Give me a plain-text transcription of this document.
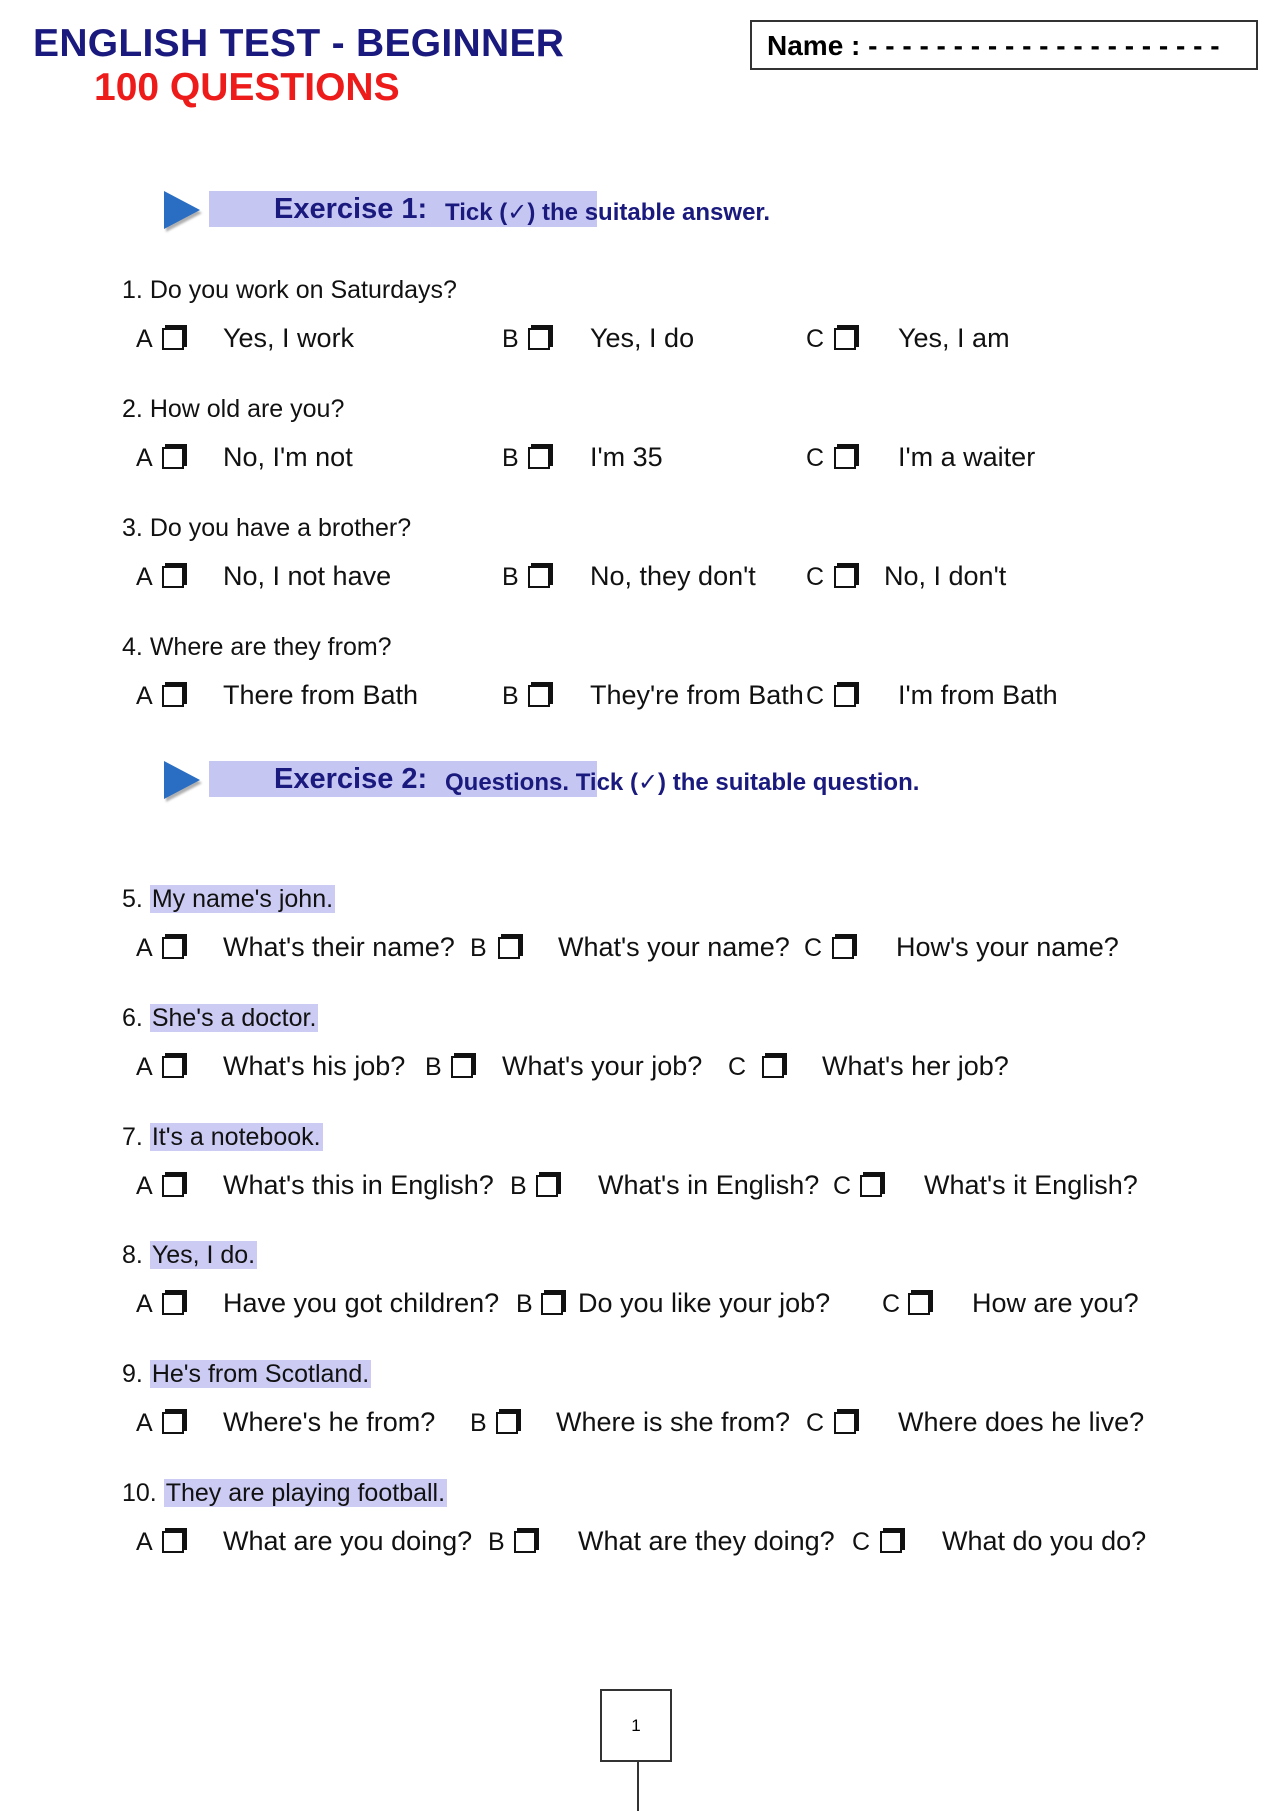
ENGLISH TEST - BEGINNER
100 QUESTIONS
Name : - - - - - - - - - - - - - - - - - - - - -
Exercise 1: Tick (✓) the suitable answer.
Exercise 2: Questions. Tick (✓) the suitable question.
1. Do you work on Saturdays?
A	Yes, I work	B	Yes, I do	C	Yes, I am
2. How old are you?
A	No, I'm not	B	I'm 35	C	I'm a waiter
3. Do you have a brother?
A	No, I not have	B	No, they don't C No, I don't
4. Where are they from?
A	There from Bath	B	They're from Bath C	I'm from Bath
5. My name's john.
A	What's their name? B	What's your name? C	How's your name?
6. She's a doctor.
A	What's his job? B What's your job? C	What's her job?
7. It's a notebook.
A	What's this in English? B	What's in English? C	What's it English?
8. Yes, I do.
A	Have you got children? B Do you like your job? C	How are you?
9. He's from Scotland.
A	Where's he from? B	Where is she from? C	Where does he live?
10. They are playing football.
A	What are you doing? B	What are they doing? C	What do you do?
1
